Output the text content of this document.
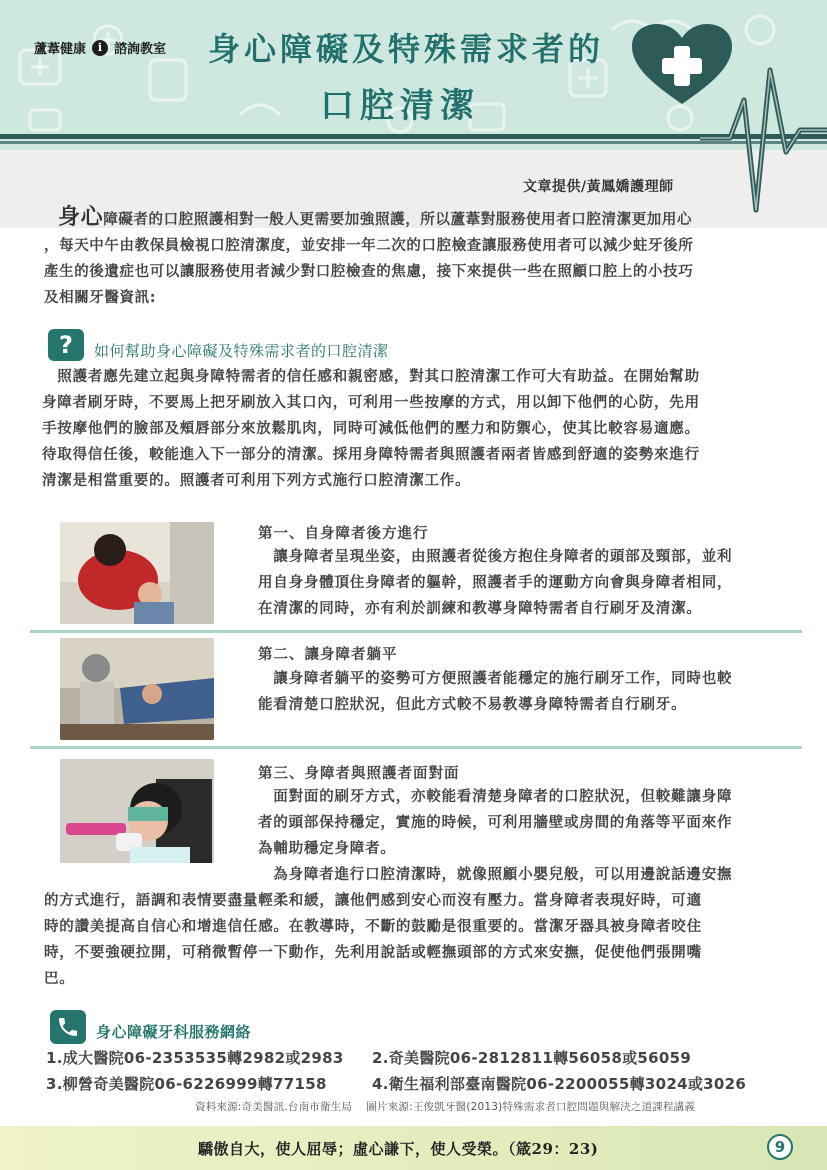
蘆葦健康	i 諮詢教室 身心障礙及特殊需求者的
口腔清潔
文章提供/黃鳳嬌護理師
身心障礙者的口腔照護相對一般人更需要加強照護，所以蘆葦對服務使用者口腔清潔更加用心
，每天中午由教保員檢視口腔清潔度，並安排一年二次的口腔檢查讓服務使用者可以減少蛀牙後所
產生的後遺症也可以讓服務使用者減少對口腔檢查的焦慮，接下來提供一些在照顧口腔上的小技巧
及相關牙醫資訊:
?	如何幫助身心障礙及特殊需求者的口腔清潔
　照護者應先建立起與身障特需者的信任感和親密感，對其口腔清潔工作可大有助益。在開始幫助
身障者刷牙時，不要馬上把牙刷放入其口內，可利用一些按摩的方式，用以卸下他們的心防，先用
手按摩他們的臉部及頰唇部分來放鬆肌肉，同時可減低他們的壓力和防禦心，使其比較容易適應。
待取得信任後，較能進入下一部分的清潔。採用身障特需者與照護者兩者皆感到舒適的姿勢來進行
清潔是相當重要的。照護者可利用下列方式施行口腔清潔工作。
第一、自身障者後方進行
　讓身障者呈現坐姿，由照護者從後方抱住身障者的頭部及頸部，並利
用自身身體頂住身障者的軀幹，照護者手的運動方向會與身障者相同，
在清潔的同時，亦有利於訓練和教導身障特需者自行刷牙及清潔。
第二、讓身障者躺平
　讓身障者躺平的姿勢可方便照護者能穩定的施行刷牙工作，同時也較
能看清楚口腔狀況，但此方式較不易教導身障特需者自行刷牙。
第三、身障者與照護者面對面
　面對面的刷牙方式，亦較能看清楚身障者的口腔狀況，但較難讓身障
者的頭部保持穩定，實施的時候，可利用牆壁或房間的角落等平面來作
為輔助穩定身障者。
　為身障者進行口腔清潔時，就像照顧小嬰兒般，可以用邊說話邊安撫
的方式進行，語調和表情要盡量輕柔和緩，讓他們感到安心而沒有壓力。當身障者表現好時，可適
時的讚美提高自信心和增進信任感。在教導時，不斷的鼓勵是很重要的。當潔牙器具被身障者咬住
時，不要強硬拉開，可稍微暫停一下動作，先利用說話或輕撫頭部的方式來安撫，促使他們張開嘴
巴。
身心障礙牙科服務網絡
1.成大醫院06-2353535轉2982或2983 2.奇美醫院06-2812811轉56058或56059
3.柳營奇美醫院06-6226999轉77158	4.衛生福利部臺南醫院06-2200055轉3024或3026
資料來源:奇美醫訊.台南市衛生局　 圖片來源:王俊凱牙醫(2013)特殊需求者口腔問題與解決之道課程講義
驕傲自大，使人屈辱；虛心謙下，使人受榮。（箴29：23)	9
